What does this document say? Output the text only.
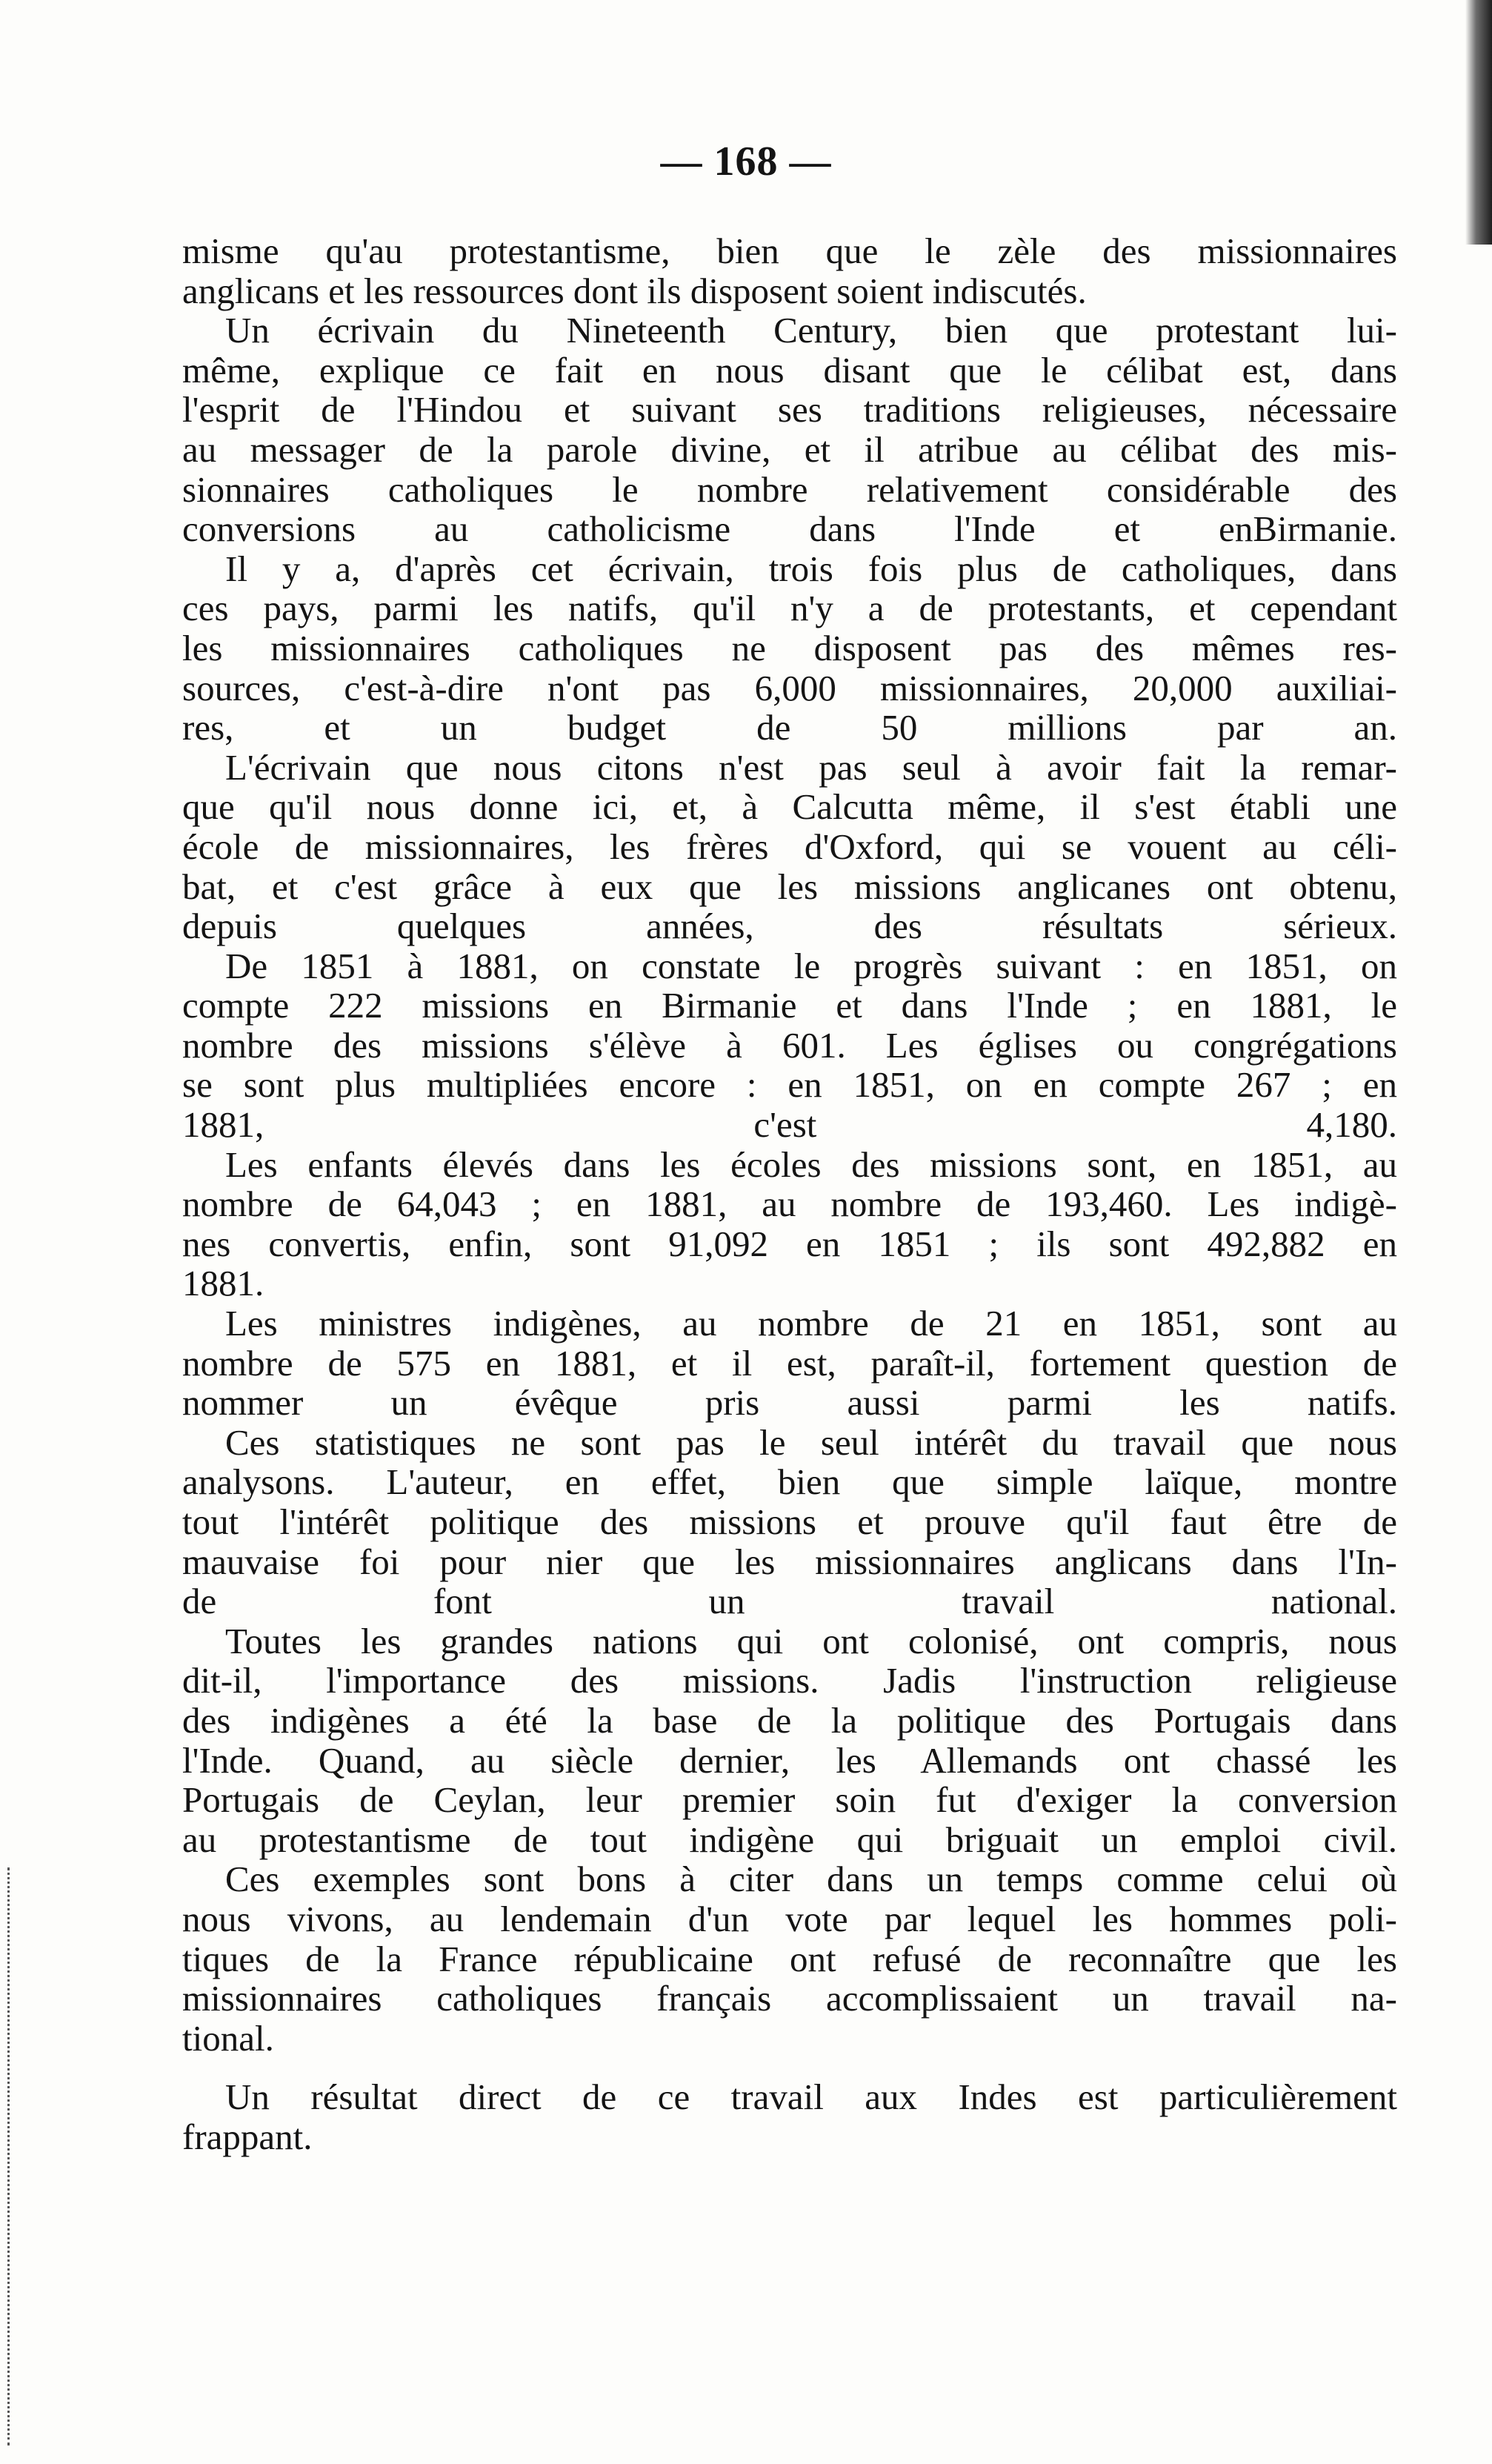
— 168 —

misme qu'au protestantisme, bien que le zèle des missionnaires
anglicans et les ressources dont ils disposent soient indiscutés.

Un écrivain du Nineteenth Century, bien que protestant lui-
même, explique ce fait en nous disant que le célibat est, dans
l'esprit de l'Hindou et suivant ses traditions religieuses, nécessaire
au messager de la parole divine, et il atribue au célibat des mis-
sionnaires catholiques le nombre relativement considérable des
conversions au catholicisme dans l'Inde et enBirmanie.

Il y a, d'après cet écrivain, trois fois plus de catholiques, dans
ces pays, parmi les natifs, qu'il n'y a de protestants, et cependant
les missionnaires catholiques ne disposent pas des mêmes res-
sources, c'est-à-dire n'ont pas 6,000 missionnaires, 20,000 auxiliai-
res, et un budget de 50 millions par an.

L'écrivain que nous citons n'est pas seul à avoir fait la remar-
que qu'il nous donne ici, et, à Calcutta même, il s'est établi une
école de missionnaires, les frères d'Oxford, qui se vouent au céli-
bat, et c'est grâce à eux que les missions anglicanes ont obtenu,
depuis quelques années, des résultats sérieux.

De 1851 à 1881, on constate le progrès suivant : en 1851, on
compte 222 missions en Birmanie et dans l'Inde ; en 1881, le
nombre des missions s'élève à 601. Les églises ou congrégations
se sont plus multipliées encore : en 1851, on en compte 267 ; en
1881, c'est 4,180.

Les enfants élevés dans les écoles des missions sont, en 1851, au
nombre de 64,043 ; en 1881, au nombre de 193,460. Les indigè-
nes convertis, enfin, sont 91,092 en 1851 ; ils sont 492,882 en
1881.

Les ministres indigènes, au nombre de 21 en 1851, sont au
nombre de 575 en 1881, et il est, paraît-il, fortement question de
nommer un évêque pris aussi parmi les natifs.

Ces statistiques ne sont pas le seul intérêt du travail que nous
analysons. L'auteur, en effet, bien que simple laïque, montre
tout l'intérêt politique des missions et prouve qu'il faut être de
mauvaise foi pour nier que les missionnaires anglicans dans l'In-
de font un travail national.

Toutes les grandes nations qui ont colonisé, ont compris, nous
dit-il, l'importance des missions. Jadis l'instruction religieuse
des indigènes a été la base de la politique des Portugais dans
l'Inde. Quand, au siècle dernier, les Allemands ont chassé les
Portugais de Ceylan, leur premier soin fut d'exiger la conversion
au protestantisme de tout indigène qui briguait un emploi civil.

Ces exemples sont bons à citer dans un temps comme celui où
nous vivons, au lendemain d'un vote par lequel les hommes poli-
tiques de la France républicaine ont refusé de reconnaître que les
missionnaires catholiques français accomplissaient un travail na-
tional.

Un résultat direct de ce travail aux Indes est particulièrement
frappant.
